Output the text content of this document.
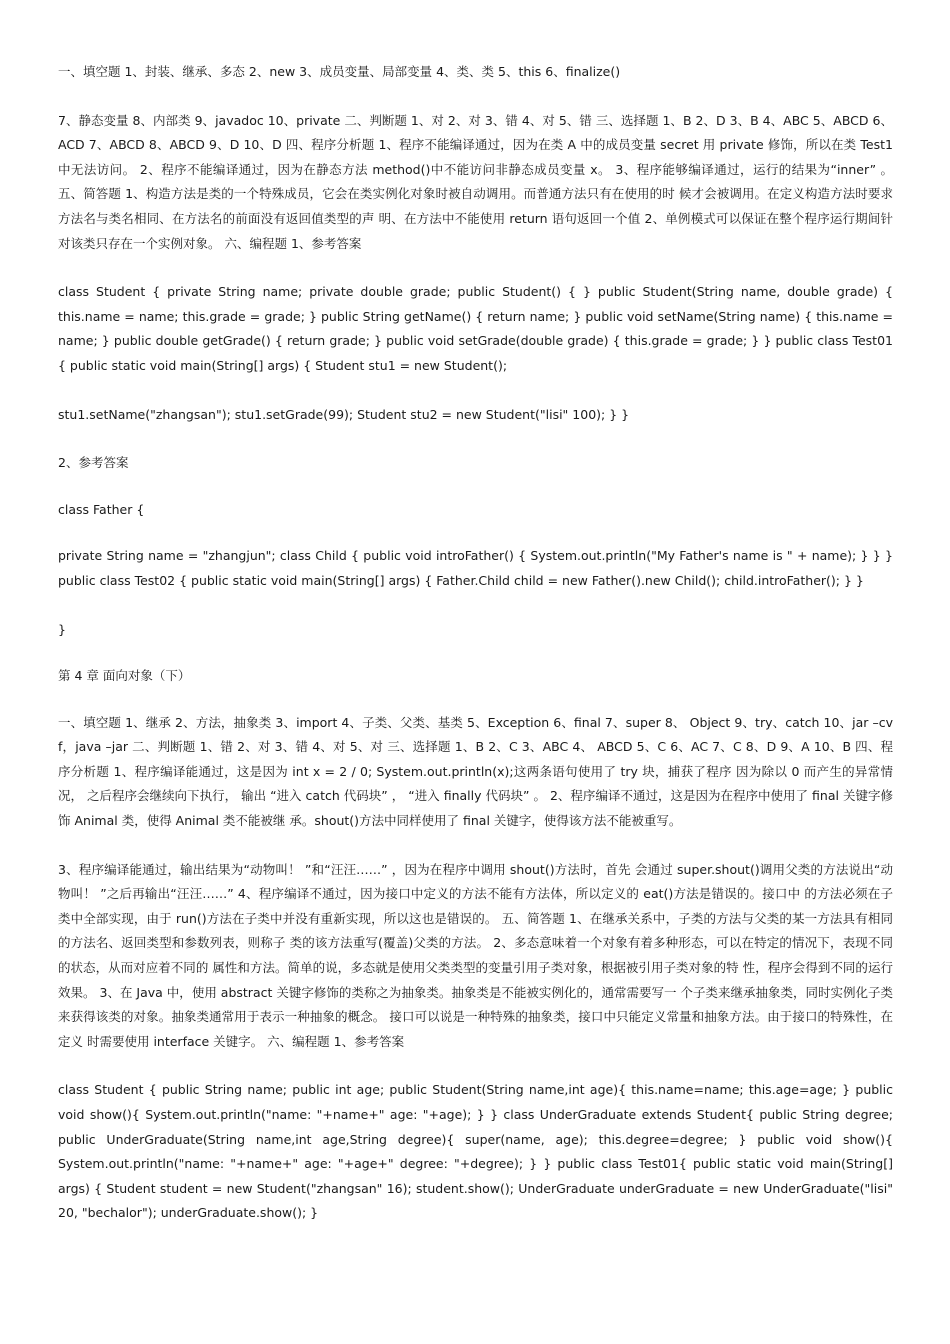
一、填空题 1、封装、继承、多态 2、new 3、成员变量、局部变量 4、类、类 5、this 6、finalize()

7、静态变量 8、内部类 9、javadoc 10、private 二、判断题 1、对 2、对 3、错 4、对 5、错 三、选择题 1、B 2、D 3、B 4、ABC 5、ABCD 6、ACD 7、ABCD 8、ABCD 9、D 10、D 四、程序分析题 1、程序不能编译通过，因为在类 A 中的成员变量 secret 用 private 修饰，所以在类 Test1 中无法访问。 2、程序不能编译通过，因为在静态方法 method()中不能访问非静态成员变量 x。 3、程序能够编译通过，运行的结果为“inner” 。 五、简答题 1、构造方法是类的一个特殊成员，它会在类实例化对象时被自动调用。而普通方法只有在使用的时 候才会被调用。在定义构造方法时要求方法名与类名相同、在方法名的前面没有返回值类型的声 明、在方法中不能使用 return 语句返回一个值 2、单例模式可以保证在整个程序运行期间针对该类只存在一个实例对象。 六、编程题 1、参考答案

class Student { private String name; private double grade; public Student() { } public Student(String name, double grade) { this.name = name; this.grade = grade; } public String getName() { return name; } public void setName(String name) { this.name = name; } public double getGrade() { return grade; } public void setGrade(double grade) { this.grade = grade; } } public class Test01 { public static void main(String[] args) { Student stu1 = new Student();

stu1.setName("zhangsan"); stu1.setGrade(99); Student stu2 = new Student("lisi" 100); } }

2、参考答案

class Father {

private String name = "zhangjun"; class Child { public void introFather() { System.out.println("My Father's name is " + name); } } } public class Test02 { public static void main(String[] args) { Father.Child child = new Father().new Child(); child.introFather(); } }

}

第 4 章 面向对象（下）

一、填空题 1、继承 2、方法，抽象类 3、import 4、子类、父类、基类 5、Exception 6、final 7、super 8、 Object 9、try、catch 10、jar –cvf，java –jar 二、判断题 1、错 2、对 3、错 4、对 5、对 三、选择题 1、B 2、C 3、ABC 4、 ABCD 5、C 6、AC 7、C 8、D 9、A 10、B 四、程序分析题 1、程序编译能通过，这是因为 int x = 2 / 0; System.out.println(x);这两条语句使用了 try 块，捕获了程序 因为除以 0 而产生的异常情况， 之后程序会继续向下执行， 输出 “进入 catch 代码块” ， “进入 finally 代码块” 。 2、程序编译不通过，这是因为在程序中使用了 final 关键字修饰 Animal 类，使得 Animal 类不能被继 承。shout()方法中同样使用了 final 关键字，使得该方法不能被重写。

3、程序编译能通过，输出结果为“动物叫！ ”和“汪汪……” ，因为在程序中调用 shout()方法时，首先 会通过 super.shout()调用父类的方法说出“动物叫！ ”之后再输出“汪汪……” 4、程序编译不通过，因为接口中定义的方法不能有方法体，所以定义的 eat()方法是错误的。接口中 的方法必须在子类中全部实现，由于 run()方法在子类中并没有重新实现，所以这也是错误的。 五、简答题 1、在继承关系中，子类的方法与父类的某一方法具有相同的方法名、返回类型和参数列表，则称子 类的该方法重写(覆盖)父类的方法。 2、多态意味着一个对象有着多种形态，可以在特定的情况下，表现不同的状态，从而对应着不同的 属性和方法。简单的说，多态就是使用父类类型的变量引用子类对象，根据被引用子类对象的特 性，程序会得到不同的运行效果。 3、在 Java 中，使用 abstract 关键字修饰的类称之为抽象类。抽象类是不能被实例化的，通常需要写一 个子类来继承抽象类，同时实例化子类来获得该类的对象。抽象类通常用于表示一种抽象的概念。 接口可以说是一种特殊的抽象类，接口中只能定义常量和抽象方法。由于接口的特殊性，在定义 时需要使用 interface 关键字。 六、编程题 1、参考答案

class Student { public String name; public int age; public Student(String name,int age){ this.name=name; this.age=age; } public void show(){ System.out.println("name: "+name+" age: "+age); } } class UnderGraduate extends Student{ public String degree; public UnderGraduate(String name,int age,String degree){ super(name, age); this.degree=degree; } public void show(){ System.out.println("name: "+name+" age: "+age+" degree: "+degree); } } public class Test01{ public static void main(String[] args) { Student student = new Student("zhangsan" 16); student.show(); UnderGraduate underGraduate = new UnderGraduate("lisi" 20, "bechalor"); underGraduate.show(); }
